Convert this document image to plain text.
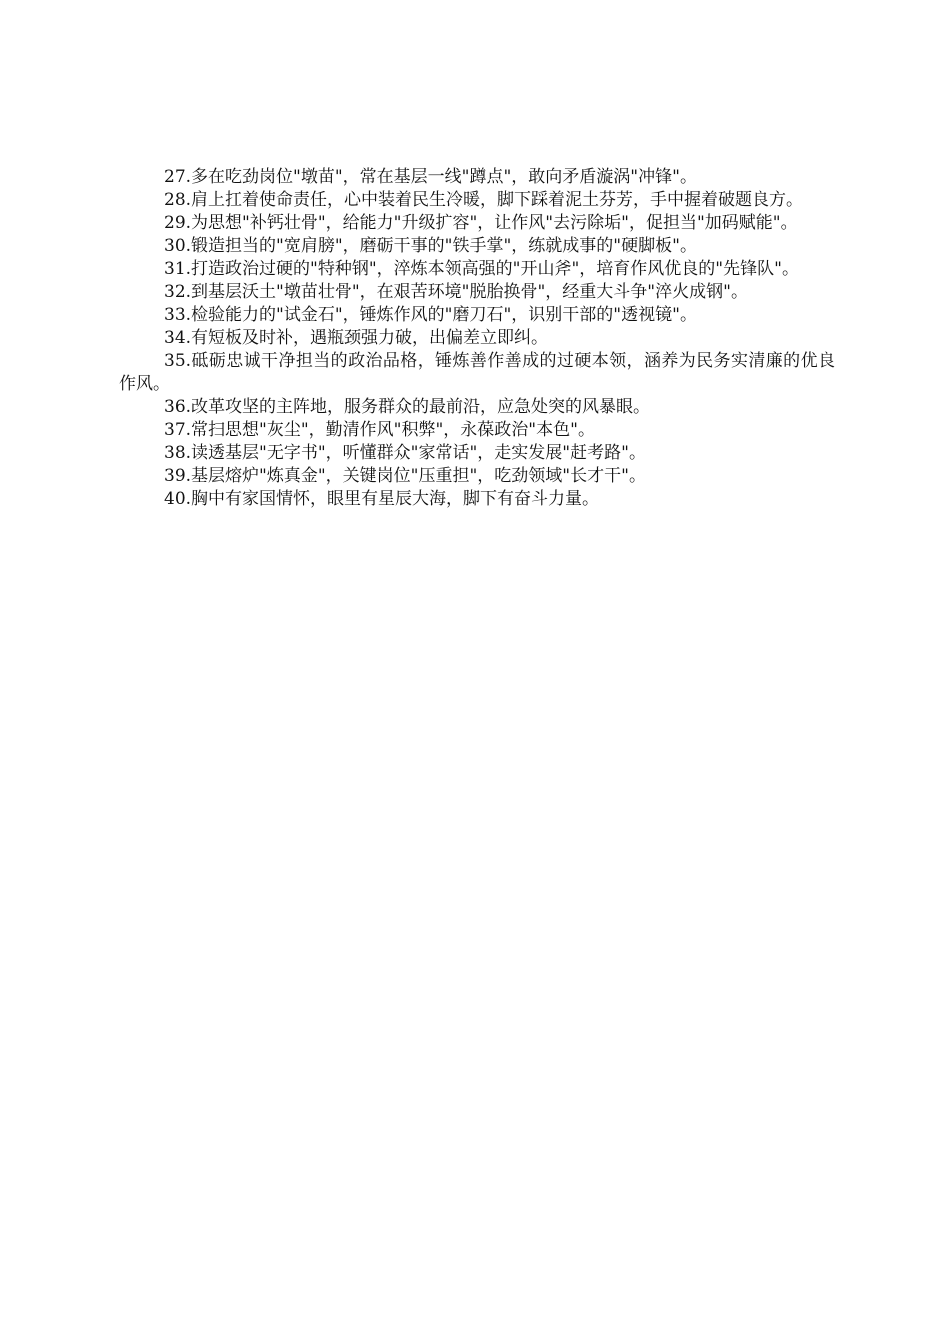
27.多在吃劲岗位"墩苗"，常在基层一线"蹲点"，敢向矛盾漩涡"冲锋"。

28.肩上扛着使命责任，心中装着民生冷暖，脚下踩着泥土芬芳，手中握着破题良方。

29.为思想"补钙壮骨"，给能力"升级扩容"，让作风"去污除垢"，促担当"加码赋能"。

30.锻造担当的"宽肩膀"，磨砺干事的"铁手掌"，练就成事的"硬脚板"。

31.打造政治过硬的"特种钢"，淬炼本领高强的"开山斧"，培育作风优良的"先锋队"。

32.到基层沃土"墩苗壮骨"，在艰苦环境"脱胎换骨"，经重大斗争"淬火成钢"。

33.检验能力的"试金石"，锤炼作风的"磨刀石"，识别干部的"透视镜"。

34.有短板及时补，遇瓶颈强力破，出偏差立即纠。

35.砥砺忠诚干净担当的政治品格，锤炼善作善成的过硬本领，涵养为民务实清廉的优良作风。

36.改革攻坚的主阵地，服务群众的最前沿，应急处突的风暴眼。

37.常扫思想"灰尘"，勤清作风"积弊"，永葆政治"本色"。

38.读透基层"无字书"，听懂群众"家常话"，走实发展"赶考路"。

39.基层熔炉"炼真金"，关键岗位"压重担"，吃劲领域"长才干"。

40.胸中有家国情怀，眼里有星辰大海，脚下有奋斗力量。
